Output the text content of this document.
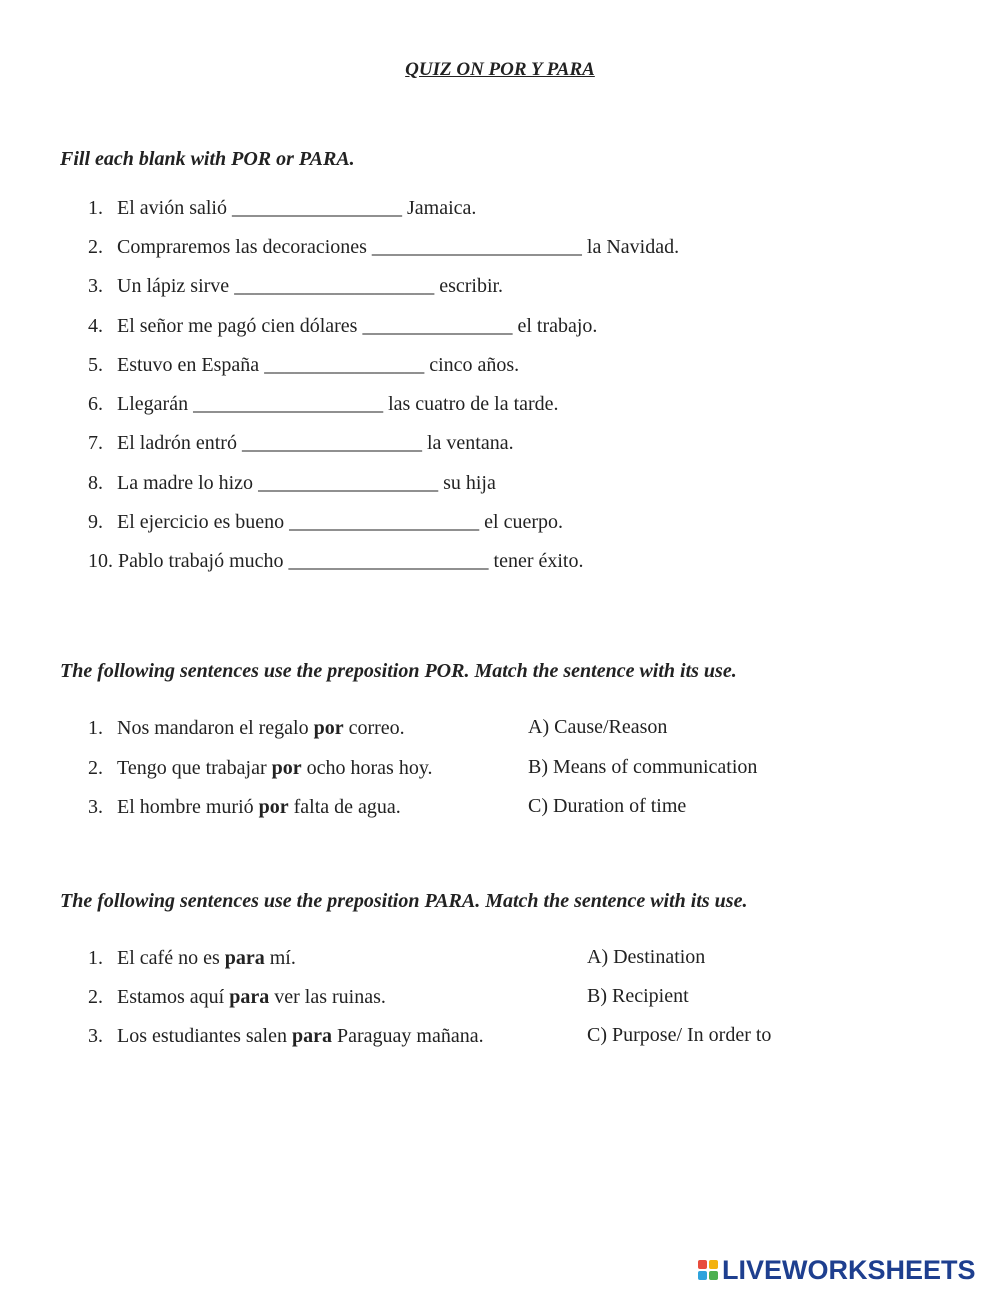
QUIZ ON POR Y PARA
Fill each blank with POR or PARA.
1. El avión salió _________________ Jamaica.
2. Compraremos las decoraciones _____________________ la Navidad.
3. Un lápiz sirve ____________________ escribir.
4. El señor me pagó cien dólares _______________ el trabajo.
5. Estuvo en España ________________ cinco años.
6. Llegarán ___________________ las cuatro de la tarde.
7. El ladrón entró __________________ la ventana.
8. La madre lo hizo __________________ su hija
9. El ejercicio es bueno ___________________ el cuerpo.
10. Pablo trabajó mucho ____________________ tener éxito.
The following sentences use the preposition POR. Match the sentence with its use.
1. Nos mandaron el regalo por correo.	A) Cause/Reason
2. Tengo que trabajar por ocho horas hoy.	B) Means of communication
3. El hombre murió por falta de agua.	C) Duration of time
The following sentences use the preposition PARA. Match the sentence with its use.
1. El café no es para mí.	A) Destination
2. Estamos aquí para ver las ruinas.	B) Recipient
3. Los estudiantes salen para Paraguay mañana.	C) Purpose/ In order to
LIVEWORKSHEETS
